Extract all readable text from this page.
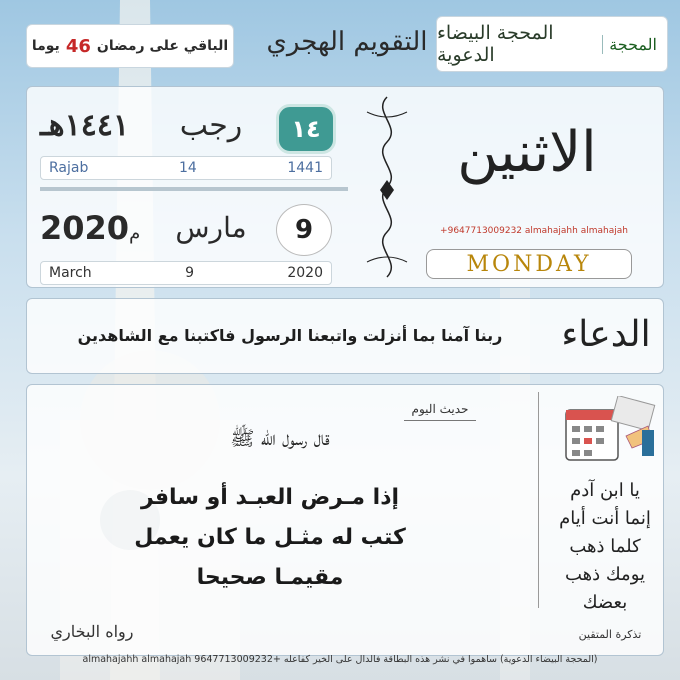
الباقي على رمضان
46
يوما	التقويم الهجري المحجة البيضاء الدعوية	المحجة
الاثنين
+9647713009232 almahajahh almahajah
MONDAY
١٤
رجب
١٤٤١هـ
Rajab	14	1441
9
مارس
2020م
March	9	2020
ربنا آمنا بما أنزلت واتبعنا الرسول فاكتبنا مع الشاهدين	الدعاء
حديث اليوم
قال رسول الله ﷺ
إذا مـرض العبـد أو سافر
كتب له مثـل ما كان يعمل
مقيمـا صحيحا
رواه البخاري
يا ابن آدم
إنما أنت أيام
كلما ذهب
يومك ذهب
بعضك
تذكرة المتقين
(المحجة البيضاء الدعوية) ساهموا في نشر هذه البطاقة فالدال على الخير كفاعله +9647713009232 almahajahh almahajah
